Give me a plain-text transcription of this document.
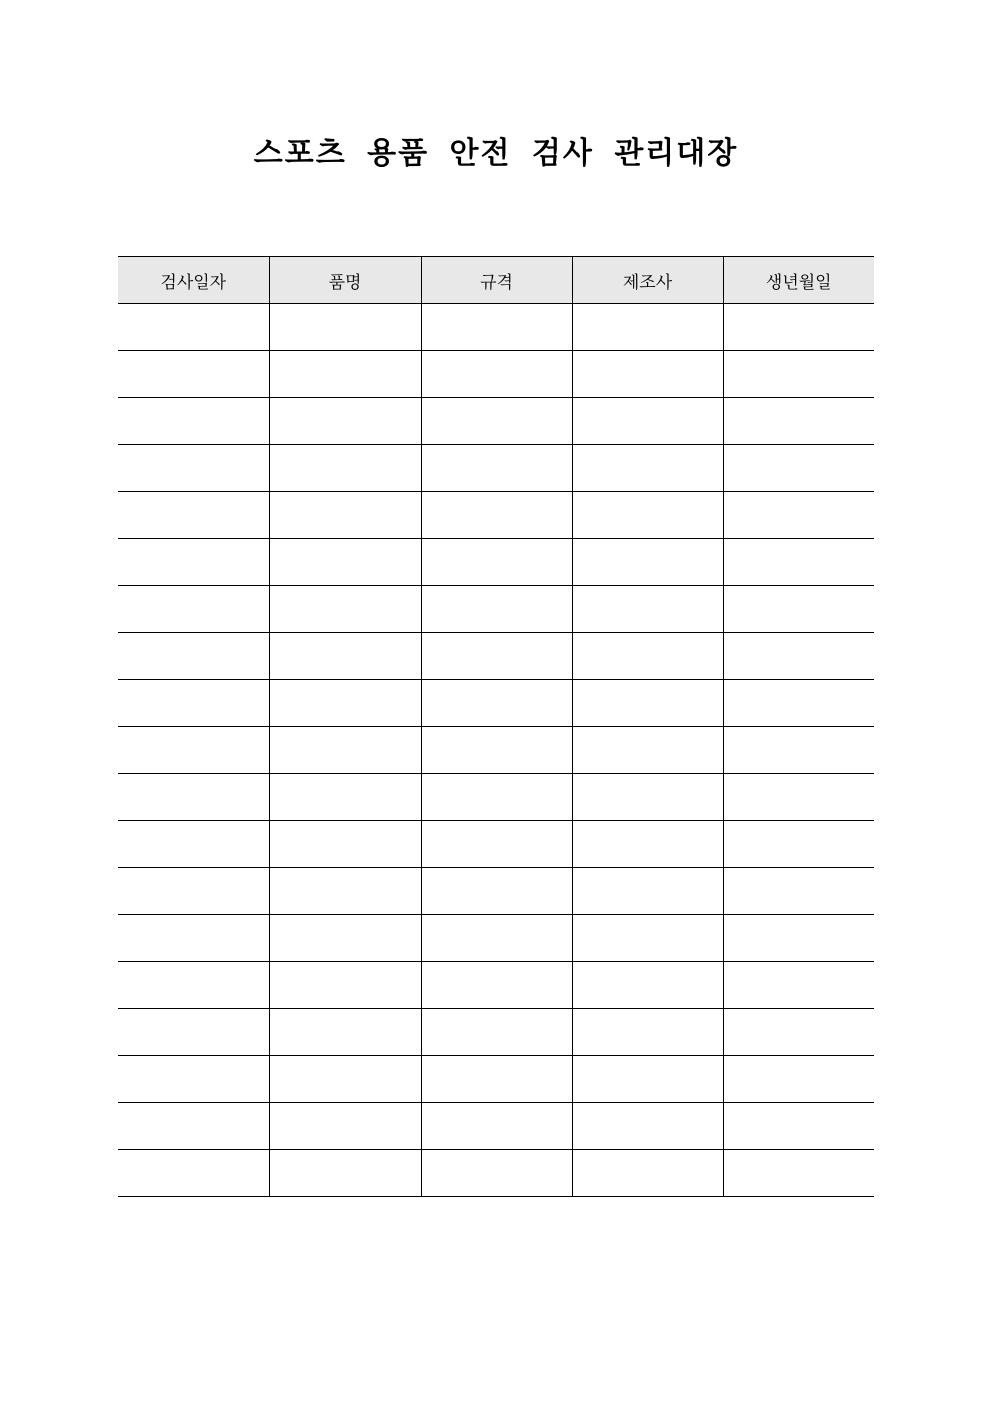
스포츠 용품 안전 검사 관리대장
검사일자	품명	규격	제조사	생년월일
